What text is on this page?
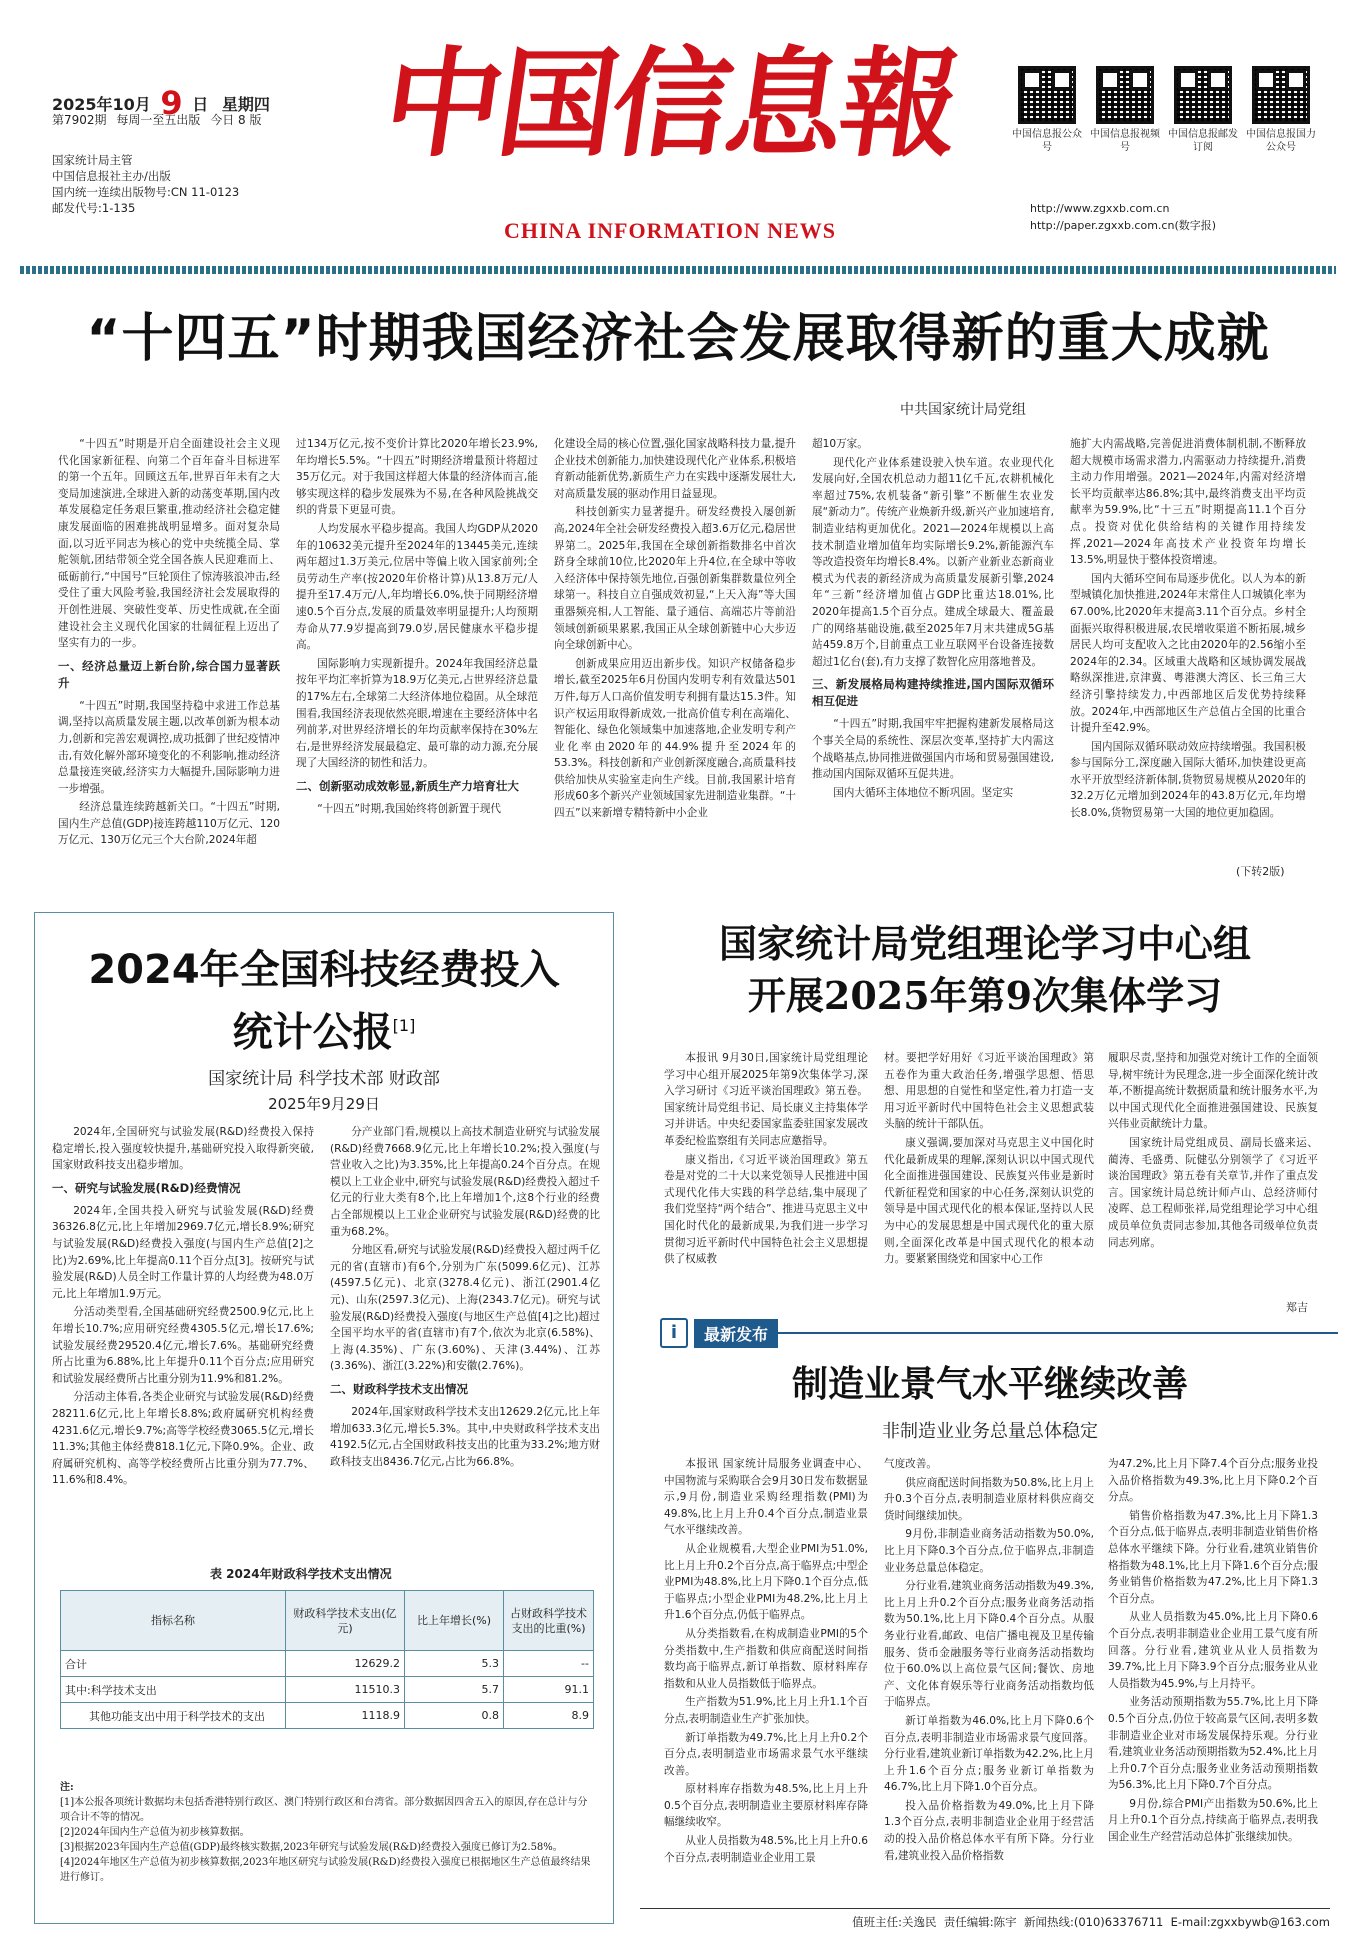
2025年10月 9 日 星期四
第7902期 每周一至五出版 今日 8 版
国家统计局主管
中国信息报社主办/出版
国内统一连续出版物号:CN 11-0123
邮发代号:1-135
中国信息報
CHINA INFORMATION NEWS
中国信息报公众号
中国信息报视频号
中国信息报邮发订阅
中国信息报国力公众号
http://www.zgxxb.com.cn
http://paper.zgxxb.com.cn(数字报)
“十四五”时期我国经济社会发展取得新的重大成就
中共国家统计局党组

“十四五”时期是开启全面建设社会主义现代化国家新征程、向第二个百年奋斗目标进军的第一个五年。回顾这五年,世界百年未有之大变局加速演进,全球进入新的动荡变革期,国内改革发展稳定任务艰巨繁重,推动经济社会稳定健康发展面临的困难挑战明显增多。面对复杂局面,以习近平同志为核心的党中央统揽全局、掌舵领航,团结带领全党全国各族人民迎难而上、砥砺前行,“中国号”巨轮顶住了惊涛骇浪冲击,经受住了重大风险考验,我国经济社会发展取得的开创性进展、突破性变革、历史性成就,在全面建设社会主义现代化国家的壮阔征程上迈出了坚实有力的一步。

一、经济总量迈上新台阶,综合国力显著跃升

“十四五”时期,我国坚持稳中求进工作总基调,坚持以高质量发展主题,以改革创新为根本动力,创新和完善宏观调控,成功抵御了世纪疫情冲击,有效化解外部环境变化的不利影响,推动经济总量接连突破,经济实力大幅提升,国际影响力进一步增强。

经济总量连续跨越新关口。“十四五”时期,国内生产总值(GDP)接连跨越110万亿元、120万亿元、130万亿元三个大台阶,2024年超

过134万亿元,按不变价计算比2020年增长23.9%,年均增长5.5%。“十四五”时期经济增量预计将超过35万亿元。对于我国这样超大体量的经济体而言,能够实现这样的稳步发展殊为不易,在各种风险挑战交织的背景下更显可贵。

人均发展水平稳步提高。我国人均GDP从2020年的10632美元提升至2024年的13445美元,连续两年超过1.3万美元,位居中等偏上收入国家前列;全员劳动生产率(按2020年价格计算)从13.8万元/人提升至17.4万元/人,年均增长6.0%,快于同期经济增速0.5个百分点,发展的质量效率明显提升;人均预期寿命从77.9岁提高到79.0岁,居民健康水平稳步提高。

国际影响力实现新提升。2024年我国经济总量按年平均汇率折算为18.9万亿美元,占世界经济总量的17%左右,全球第二大经济体地位稳固。从全球范围看,我国经济表现依然亮眼,增速在主要经济体中名列前茅,对世界经济增长的年均贡献率保持在30%左右,是世界经济发展最稳定、最可靠的动力源,充分展现了大国经济的韧性和活力。

二、创新驱动成效彰显,新质生产力培育壮大

“十四五”时期,我国始终将创新置于现代

化建设全局的核心位置,强化国家战略科技力量,提升企业技术创新能力,加快建设现代化产业体系,积极培育新动能新优势,新质生产力在实践中逐渐发展壮大,对高质量发展的驱动作用日益显现。

科技创新实力显著提升。研发经费投入屡创新高,2024年全社会研发经费投入超3.6万亿元,稳居世界第二。2025年,我国在全球创新指数排名中首次跻身全球前10位,比2020年上升4位,在全球中等收入经济体中保持领先地位,百强创新集群数量位列全球第一。科技自立自强成效初显,“上天入海”等大国重器频亮相,人工智能、量子通信、高端芯片等前沿领域创新硕果累累,我国正从全球创新链中心大步迈向全球创新中心。

创新成果应用迈出新步伐。知识产权储备稳步增长,截至2025年6月份国内发明专利有效量达501万件,每万人口高价值发明专利拥有量达15.3件。知识产权运用取得新成效,一批高价值专利在高端化、智能化、绿色化领域集中加速落地,企业发明专利产业化率由2020年的44.9%提升至2024年的53.3%。科技创新和产业创新深度融合,高质量科技供给加快从实验室走向生产线。目前,我国累计培育形成60多个新兴产业领域国家先进制造业集群。“十四五”以来新增专精特新中小企业

超10万家。

现代化产业体系建设驶入快车道。农业现代化发展向好,全国农机总动力超11亿千瓦,农耕机械化率超过75%,农机装备“新引擎”不断催生农业发展“新动力”。传统产业焕新升级,新兴产业加速培育,制造业结构更加优化。2021—2024年规模以上高技术制造业增加值年均实际增长9.2%,新能源汽车等改造投资年均增长8.4%。以新产业新业态新商业模式为代表的新经济成为高质量发展新引擎,2024年“三新”经济增加值占GDP比重达18.01%,比2020年提高1.5个百分点。建成全球最大、覆盖最广的网络基础设施,截至2025年7月末共建成5G基站459.8万个,目前重点工业互联网平台设备连接数超过1亿台(套),有力支撑了数智化应用落地普及。

三、新发展格局构建持续推进,国内国际双循环相互促进

“十四五”时期,我国牢牢把握构建新发展格局这个事关全局的系统性、深层次变革,坚持扩大内需这个战略基点,协同推进做强国内市场和贸易强国建设,推动国内国际双循环互促共进。

国内大循环主体地位不断巩固。坚定实

施扩大内需战略,完善促进消费体制机制,不断释放超大规模市场需求潜力,内需驱动力持续提升,消费主动力作用增强。2021—2024年,内需对经济增长平均贡献率达86.8%;其中,最终消费支出平均贡献率为59.9%,比“十三五”时期提高11.1个百分点。投资对优化供给结构的关键作用持续发挥,2021—2024年高技术产业投资年均增长13.5%,明显快于整体投资增速。

国内大循环空间布局逐步优化。以人为本的新型城镇化加快推进,2024年末常住人口城镇化率为67.00%,比2020年末提高3.11个百分点。乡村全面振兴取得积极进展,农民增收渠道不断拓展,城乡居民人均可支配收入之比由2020年的2.56缩小至2024年的2.34。区域重大战略和区域协调发展战略纵深推进,京津冀、粤港澳大湾区、长三角三大经济引擎持续发力,中西部地区后发优势持续释放。2024年,中西部地区生产总值占全国的比重合计提升至42.9%。

国内国际双循环联动效应持续增强。我国积极参与国际分工,深度融入国际大循环,加快建设更高水平开放型经济新体制,货物贸易规模从2020年的32.2万亿元增加到2024年的43.8万亿元,年均增长8.0%,货物贸易第一大国的地位更加稳固。

(下转2版)
2024年全国科技经费投入
统计公报[1]
国家统计局 科学技术部 财政部
2025年9月29日

2024年,全国研究与试验发展(R&D)经费投入保持稳定增长,投入强度较快提升,基础研究投入取得新突破,国家财政科技支出稳步增加。

一、研究与试验发展(R&D)经费情况

2024年,全国共投入研究与试验发展(R&D)经费36326.8亿元,比上年增加2969.7亿元,增长8.9%;研究与试验发展(R&D)经费投入强度(与国内生产总值[2]之比)为2.69%,比上年提高0.11个百分点[3]。按研究与试验发展(R&D)人员全时工作量计算的人均经费为48.0万元,比上年增加1.9万元。

分活动类型看,全国基础研究经费2500.9亿元,比上年增长10.7%;应用研究经费4305.5亿元,增长17.6%;试验发展经费29520.4亿元,增长7.6%。基础研究经费所占比重为6.88%,比上年提升0.11个百分点;应用研究和试验发展经费所占比重分别为11.9%和81.2%。

分活动主体看,各类企业研究与试验发展(R&D)经费28211.6亿元,比上年增长8.8%;政府属研究机构经费4231.6亿元,增长9.7%;高等学校经费3065.5亿元,增长11.3%;其他主体经费818.1亿元,下降0.9%。企业、政府属研究机构、高等学校经费所占比重分别为77.7%、11.6%和8.4%。

分产业部门看,规模以上高技术制造业研究与试验发展(R&D)经费7668.9亿元,比上年增长10.2%;投入强度(与营业收入之比)为3.35%,比上年提高0.24个百分点。在规模以上工业企业中,研究与试验发展(R&D)经费投入超过千亿元的行业大类有8个,比上年增加1个,这8个行业的经费占全部规模以上工业企业研究与试验发展(R&D)经费的比重为68.2%。

分地区看,研究与试验发展(R&D)经费投入超过两千亿元的省(直辖市)有6个,分别为广东(5099.6亿元)、江苏(4597.5亿元)、北京(3278.4亿元)、浙江(2901.4亿元)、山东(2597.3亿元)、上海(2343.7亿元)。研究与试验发展(R&D)经费投入强度(与地区生产总值[4]之比)超过全国平均水平的省(直辖市)有7个,依次为北京(6.58%)、上海(4.35%)、广东(3.60%)、天津(3.44%)、江苏(3.36%)、浙江(3.22%)和安徽(2.76%)。

二、财政科学技术支出情况

2024年,国家财政科学技术支出12629.2亿元,比上年增加633.3亿元,增长5.3%。其中,中央财政科学技术支出4192.5亿元,占全国财政科技支出的比重为33.2%;地方财政科技支出8436.7亿元,占比为66.8%。

表 2024年财政科学技术支出情况
指标名称	财政科学技术支出(亿元)	比上年增长(%)	占财政科学技术支出的比重(%)
合计	12629.2	5.3	--
其中:科学技术支出	11510.3	5.7	91.1
其他功能支出中用于科学技术的支出	1118.9	0.8	8.9
注:
[1]本公报各项统计数据均未包括香港特别行政区、澳门特别行政区和台湾省。部分数据因四舍五入的原因,存在总计与分项合计不等的情况。
[2]2024年国内生产总值为初步核算数据。
[3]根据2023年国内生产总值(GDP)最终核实数据,2023年研究与试验发展(R&D)经费投入强度已修订为2.58%。
[4]2024年地区生产总值为初步核算数据,2023年地区研究与试验发展(R&D)经费投入强度已根据地区生产总值最终结果进行修订。
国家统计局党组理论学习中心组
开展2025年第9次集体学习

本报讯 9月30日,国家统计局党组理论学习中心组开展2025年第9次集体学习,深入学习研讨《习近平谈治国理政》第五卷。国家统计局党组书记、局长康义主持集体学习并讲话。中央纪委国家监委驻国家发展改革委纪检监察组有关同志应邀指导。

康义指出,《习近平谈治国理政》第五卷是对党的二十大以来党领导人民推进中国式现代化伟大实践的科学总结,集中展现了我们党坚持“两个结合”、推进马克思主义中国化时代化的最新成果,为我们进一步学习贯彻习近平新时代中国特色社会主义思想提供了权威教

材。要把学好用好《习近平谈治国理政》第五卷作为重大政治任务,增强学思想、悟思想、用思想的自觉性和坚定性,着力打造一支用习近平新时代中国特色社会主义思想武装头脑的统计干部队伍。

康义强调,要加深对马克思主义中国化时代化最新成果的理解,深刻认识以中国式现代化全面推进强国建设、民族复兴伟业是新时代新征程党和国家的中心任务,深刻认识党的领导是中国式现代化的根本保证,坚持以人民为中心的发展思想是中国式现代化的重大原则,全面深化改革是中国式现代化的根本动力。要紧紧围绕党和国家中心工作

履职尽责,坚持和加强党对统计工作的全面领导,树牢统计为民理念,进一步全面深化统计改革,不断提高统计数据质量和统计服务水平,为以中国式现代化全面推进强国建设、民族复兴伟业贡献统计力量。

国家统计局党组成员、副局长盛来运、蔺涛、毛盛勇、阮健弘分别领学了《习近平谈治国理政》第五卷有关章节,并作了重点发言。国家统计局总统计师卢山、总经济师付凌晖、总工程师张祥,局党组理论学习中心组成员单位负责同志参加,其他各司级单位负责同志列席。

郑吉
i	最新发布
制造业景气水平继续改善
非制造业业务总量总体稳定

本报讯 国家统计局服务业调查中心、中国物流与采购联合会9月30日发布数据显示,9月份,制造业采购经理指数(PMI)为49.8%,比上月上升0.4个百分点,制造业景气水平继续改善。

从企业规模看,大型企业PMI为51.0%,比上月上升0.2个百分点,高于临界点;中型企业PMI为48.8%,比上月下降0.1个百分点,低于临界点;小型企业PMI为48.2%,比上月上升1.6个百分点,仍低于临界点。

从分类指数看,在构成制造业PMI的5个分类指数中,生产指数和供应商配送时间指数均高于临界点,新订单指数、原材料库存指数和从业人员指数低于临界点。

生产指数为51.9%,比上月上升1.1个百分点,表明制造业生产扩张加快。

新订单指数为49.7%,比上月上升0.2个百分点,表明制造业市场需求景气水平继续改善。

原材料库存指数为48.5%,比上月上升0.5个百分点,表明制造业主要原材料库存降幅继续收窄。

从业人员指数为48.5%,比上月上升0.6个百分点,表明制造业企业用工景

气度改善。

供应商配送时间指数为50.8%,比上月上升0.3个百分点,表明制造业原材料供应商交货时间继续加快。

9月份,非制造业商务活动指数为50.0%,比上月下降0.3个百分点,位于临界点,非制造业业务总量总体稳定。

分行业看,建筑业商务活动指数为49.3%,比上月上升0.2个百分点;服务业商务活动指数为50.1%,比上月下降0.4个百分点。从服务业行业看,邮政、电信广播电视及卫星传输服务、货币金融服务等行业商务活动指数均位于60.0%以上高位景气区间;餐饮、房地产、文化体育娱乐等行业商务活动指数均低于临界点。

新订单指数为46.0%,比上月下降0.6个百分点,表明非制造业市场需求景气度回落。分行业看,建筑业新订单指数为42.2%,比上月上升1.6个百分点;服务业新订单指数为46.7%,比上月下降1.0个百分点。

投入品价格指数为49.0%,比上月下降1.3个百分点,表明非制造业企业用于经营活动的投入品价格总体水平有所下降。分行业看,建筑业投入品价格指数

为47.2%,比上月下降7.4个百分点;服务业投入品价格指数为49.3%,比上月下降0.2个百分点。

销售价格指数为47.3%,比上月下降1.3个百分点,低于临界点,表明非制造业销售价格总体水平继续下降。分行业看,建筑业销售价格指数为48.1%,比上月下降1.6个百分点;服务业销售价格指数为47.2%,比上月下降1.3个百分点。

从业人员指数为45.0%,比上月下降0.6个百分点,表明非制造业企业用工景气度有所回落。分行业看,建筑业从业人员指数为39.7%,比上月下降3.9个百分点;服务业从业人员指数为45.9%,与上月持平。

业务活动预期指数为55.7%,比上月下降0.5个百分点,仍位于较高景气区间,表明多数非制造业企业对市场发展保持乐观。分行业看,建筑业业务活动预期指数为52.4%,比上月上升0.7个百分点;服务业业务活动预期指数为56.3%,比上月下降0.7个百分点。

9月份,综合PMI产出指数为50.6%,比上月上升0.1个百分点,持续高于临界点,表明我国企业生产经营活动总体扩张继续加快。

值班主任:关逸民  责任编辑:陈宇  新闻热线:(010)63376711  E-mail:zgxxbywb@163.com
